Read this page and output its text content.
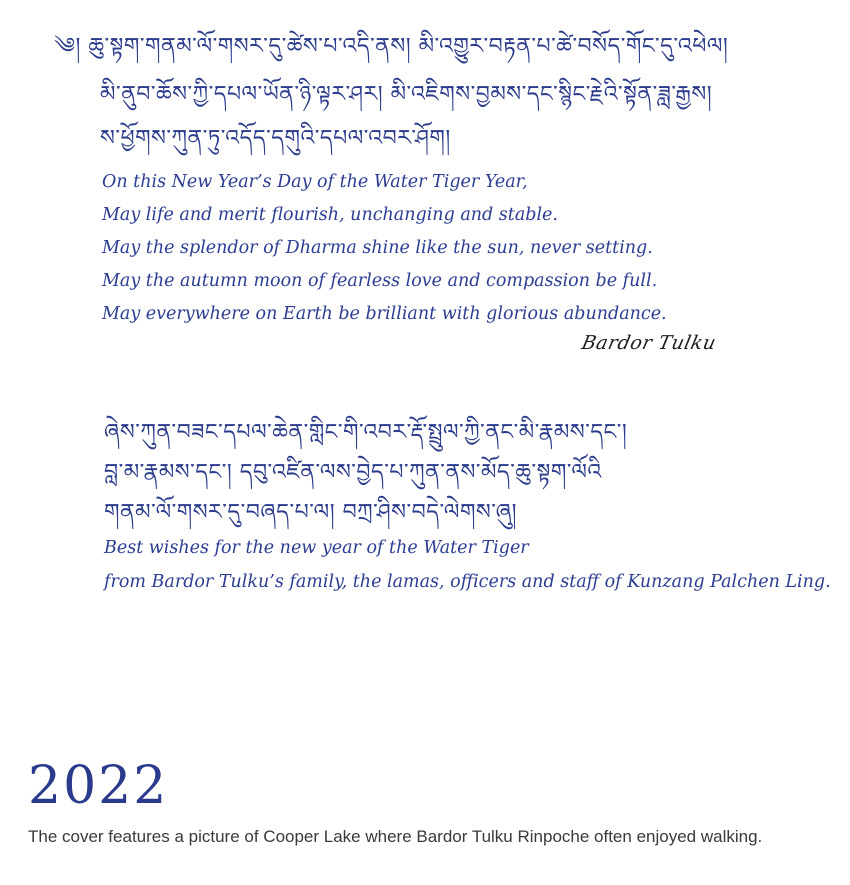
༄། ཆུ་སྟག་གནམ་ལོ་གསར་དུ་ཚེས་པ་འདི་ནས། མི་འགྱུར་བརྟན་པ་ཚེ་བསོད་གོང་དུ་འཕེལ།
མི་ནུབ་ཆོས་ཀྱི་དཔལ་ཡོན་ཉི་ལྟར་ཤར། མི་འཇིགས་བྱམས་དང་སྙིང་རྗེའི་སྟོན་ཟླ་རྒྱས།
ས་ཕྱོགས་ཀུན་ཏུ་འདོད་དགུའི་དཔལ་འབར་ཤོག།
On this New Year’s Day of the Water Tiger Year,
May life and merit flourish, unchanging and stable.
May the splendor of Dharma shine like the sun, never setting.
May the autumn moon of fearless love and compassion be full.
May everywhere on Earth be brilliant with glorious abundance.
Bardor Tulku
ཞེས་ཀུན་བཟང་དཔལ་ཆེན་གླིང་གི་འབར་རྡོ་སྤྲུལ་ཀྱི་ནང་མི་རྣམས་དང་།
བླ་མ་རྣམས་དང་། དབུ་འཛིན་ལས་བྱེད་པ་ཀུན་ནས་མོད་ཆུ་སྟག་ལོའི
གནམ་ལོ་གསར་དུ་བཞད་པ་ལ། བཀྲ་ཤིས་བདེ་ལེགས་ཞུ།
Best wishes for the new year of the Water Tiger
from Bardor Tulku’s family, the lamas, officers and staff of Kunzang Palchen Ling.
2022
The cover features a picture of Cooper Lake where Bardor Tulku Rinpoche often enjoyed walking.
